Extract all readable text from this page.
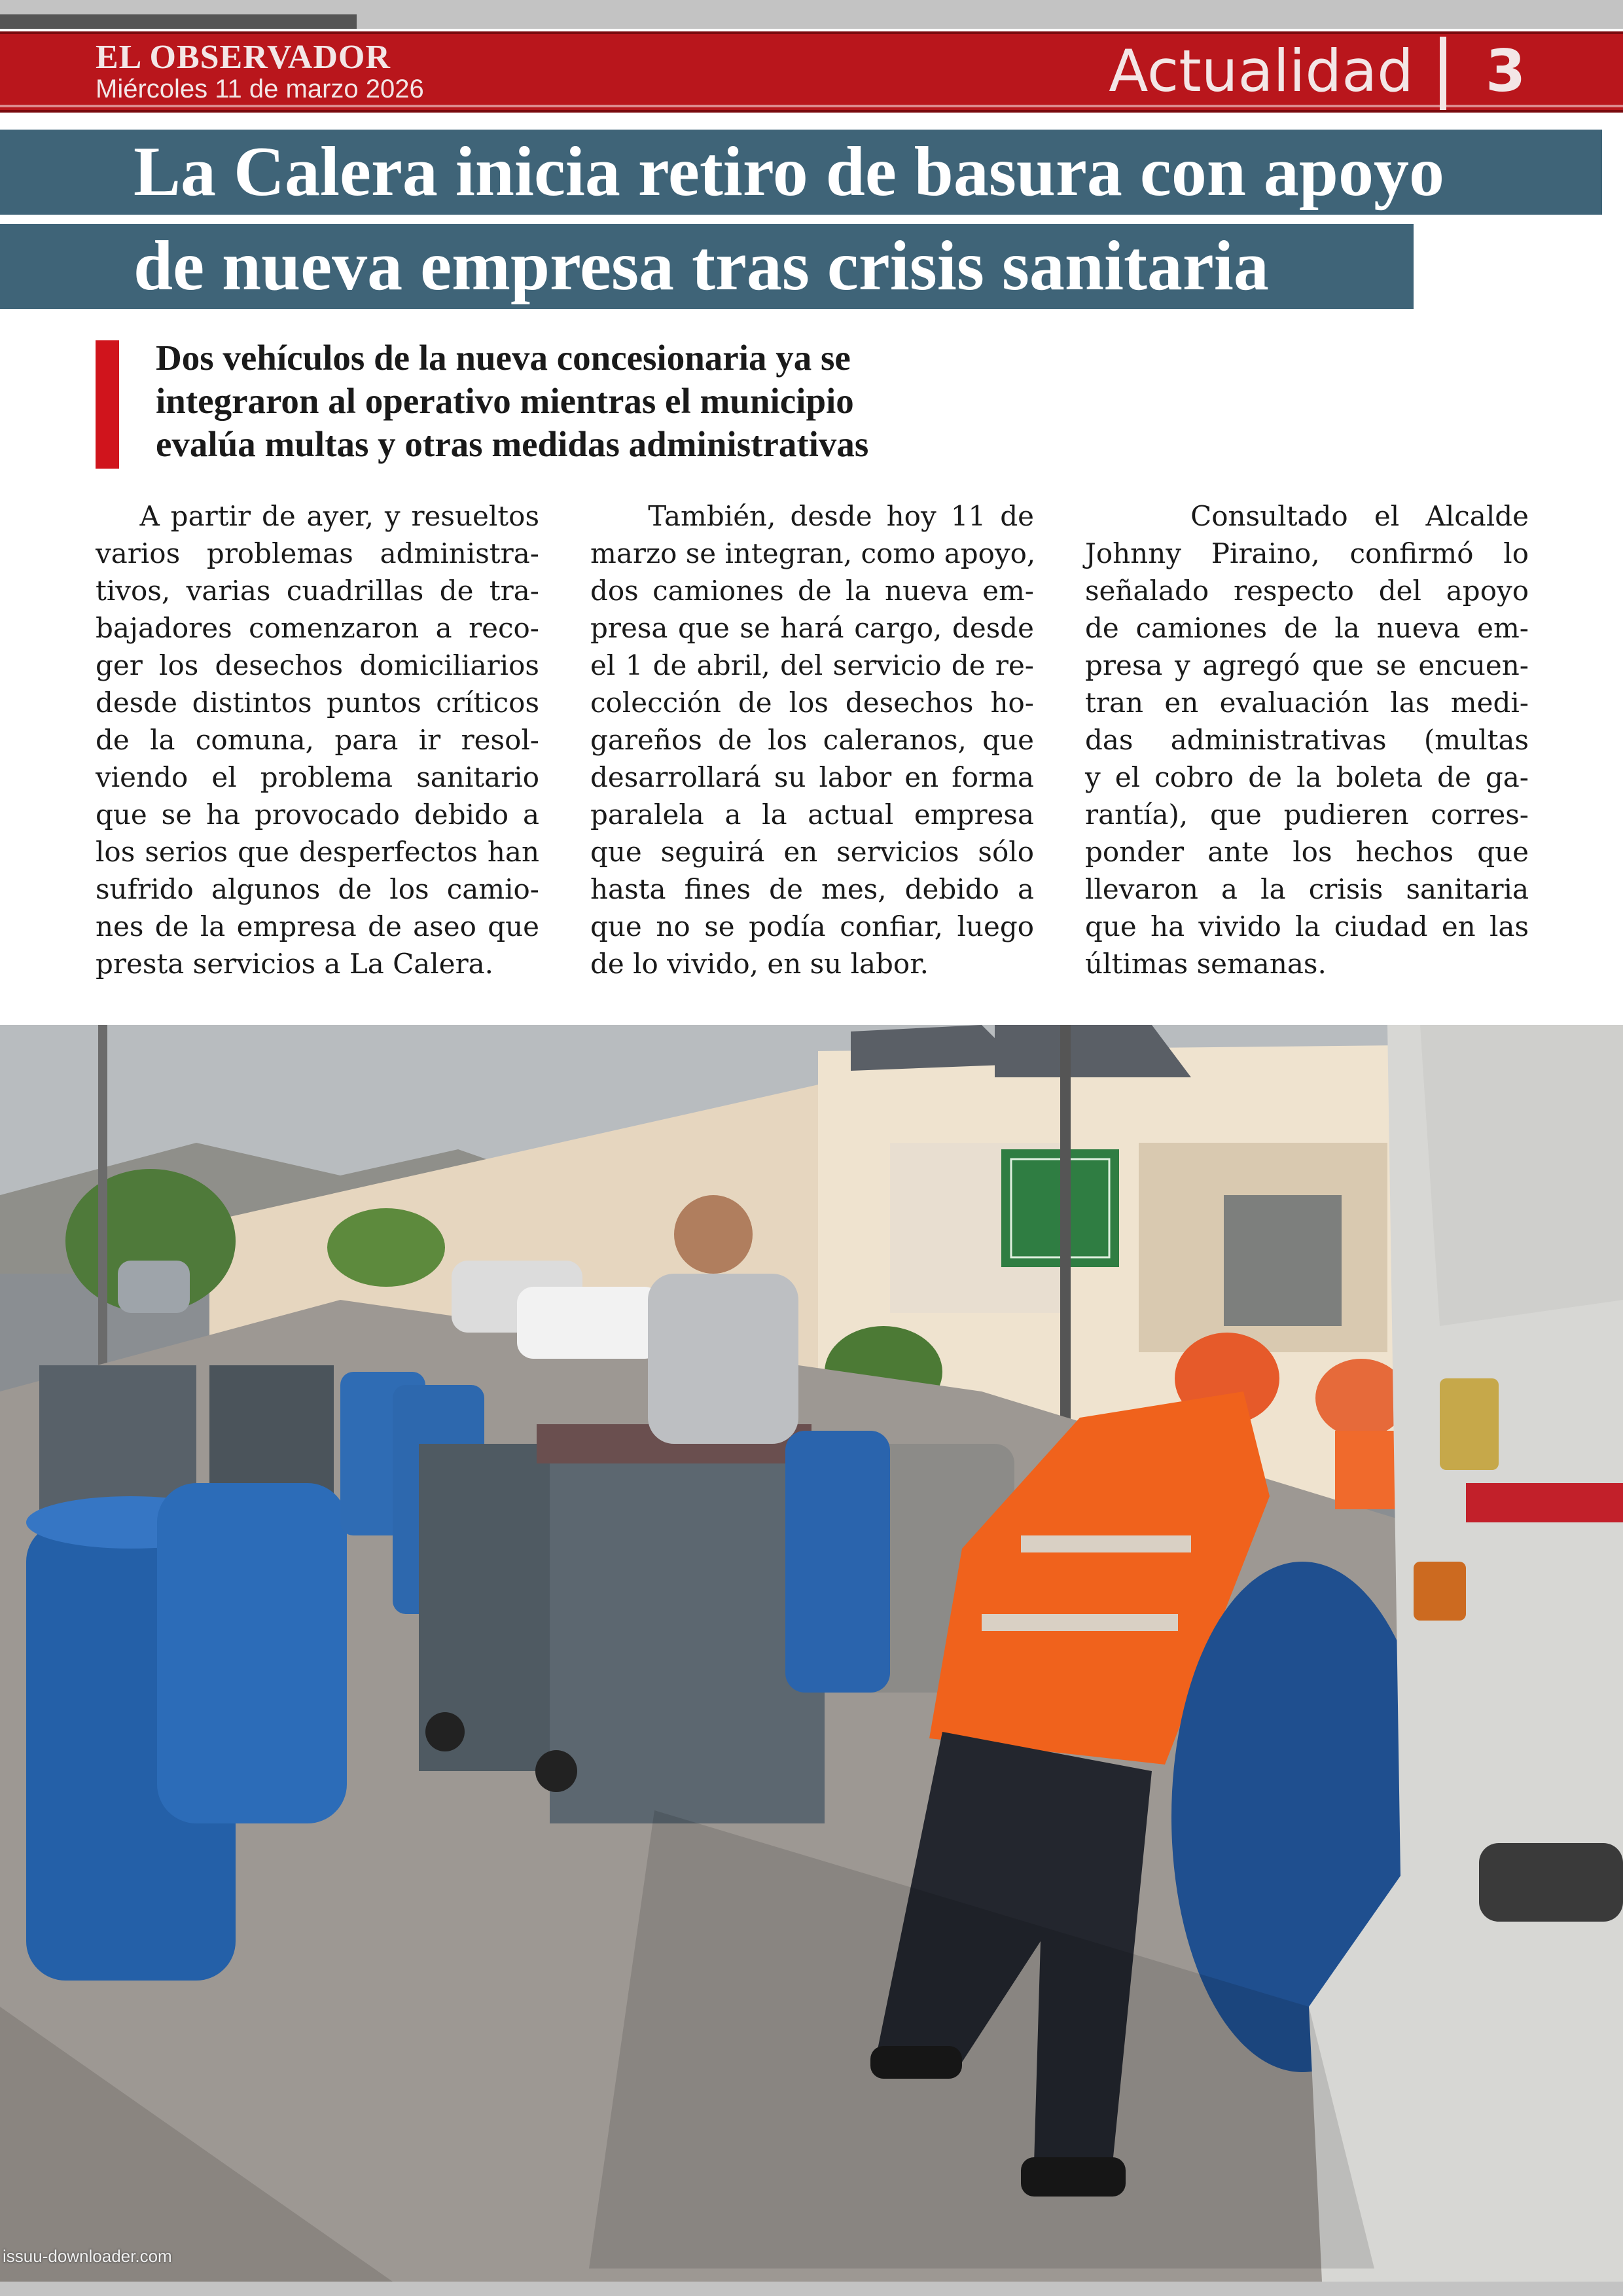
EL OBSERVADOR
Miércoles 11 de marzo 2026	Actualidad 3
La Calera inicia retiro de basura con apoyo
de nueva empresa tras crisis sanitaria
Dos vehículos de la nueva concesionaria ya se
integraron al operativo mientras el municipio
evalúa multas y otras medidas administrativas
A partir de ayer, y resueltos
varios problemas administra-
tivos, varias cuadrillas de tra-
bajadores comenzaron a reco-
ger los desechos domiciliarios
desde distintos puntos críticos
de la comuna, para ir resol-
viendo el problema sanitario
que se ha provocado debido a
los serios que desperfectos han
sufrido algunos de los camio-
nes de la empresa de aseo que
presta servicios a La Calera.
También, desde hoy 11 de
marzo se integran, como apoyo,
dos camiones de la nueva em-
presa que se hará cargo, desde
el 1 de abril, del servicio de re-
colección de los desechos ho-
gareños de los caleranos, que
desarrollará su labor en forma
paralela a la actual empresa
que seguirá en servicios sólo
hasta fines de mes, debido a
que no se podía confiar, luego
de lo vivido, en su labor.
Consultado el Alcalde
Johnny Piraino, confirmó lo
señalado respecto del apoyo
de camiones de la nueva em-
presa y agregó que se encuen-
tran en evaluación las medi-
das administrativas (multas
y el cobro de la boleta de ga-
rantía), que pudieren corres-
ponder ante los hechos que
llevaron a la crisis sanitaria
que ha vivido la ciudad en las
últimas semanas.
issuu-downloader.com
